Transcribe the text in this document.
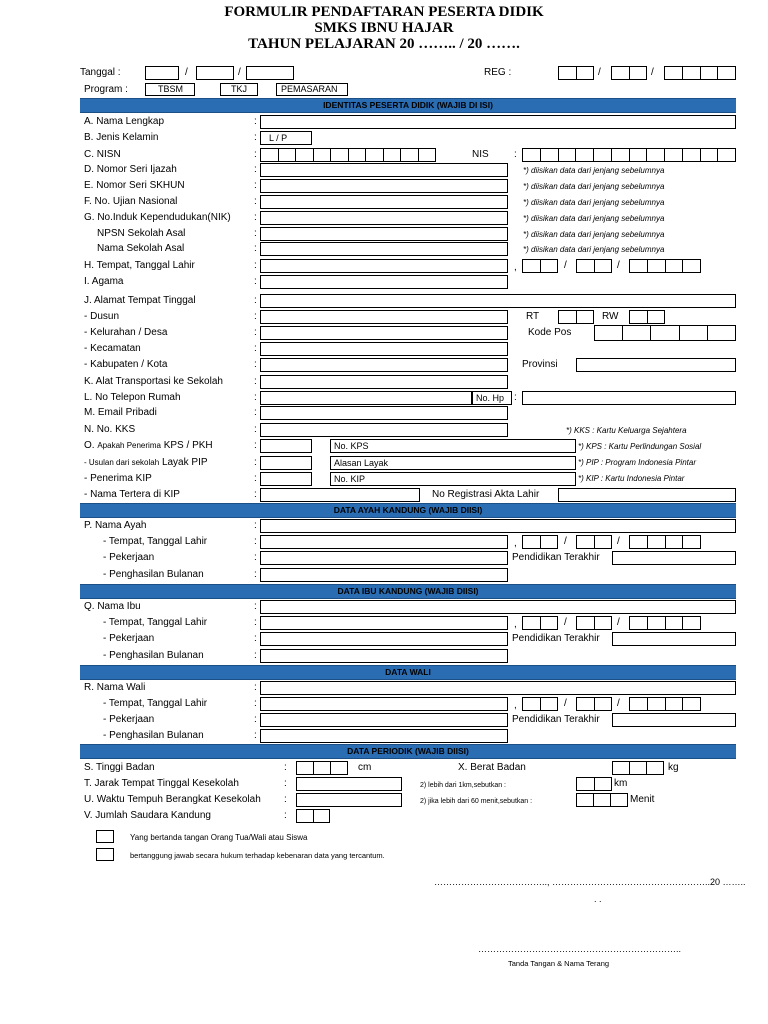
FORMULIR PENDAFTARAN PESERTA DIDIK
SMKS IBNU HAJAR
TAHUN PELAJARAN 20 …….. / 20 …….
Tanggal :	/	/	REG :	/	/
Program :	TBSM	TKJ	PEMASARAN
IDENTITAS PESERTA DIDIK (WAJIB DI ISI)
A. Nama Lengkap	:
B. Jenis Kelamin	:	L / P
C. NISN	:	NIS	:
D. Nomor Seri Ijazah	:	*) diisikan data dari jenjang sebelumnya
E. Nomor Seri SKHUN	:	*) diisikan data dari jenjang sebelumnya
F. No. Ujian Nasional	:	*) diisikan data dari jenjang sebelumnya
G. No.Induk Kependudukan(NIK) :	*) diisikan data dari jenjang sebelumnya
NPSN Sekolah Asal	:	*) diisikan data dari jenjang sebelumnya
Nama Sekolah Asal	:	*) diisikan data dari jenjang sebelumnya
H. Tempat, Tanggal Lahir	:	,	/	/
I. Agama	:
J. Alamat Tempat Tinggal	:
- Dusun	:	RT	RW
- Kelurahan / Desa	:	Kode Pos
- Kecamatan	:
- Kabupaten / Kota	:	Provinsi
K. Alat Transportasi ke Sekolah	:
L. No Telepon Rumah	:	No. Hp :
M. Email Pribadi	:
N. No. KKS	:	*) KKS : Kartu Keluarga Sejahtera
O. Apakah Penerima KPS / PKH	:	No. KPS	*) KPS : Kartu Perlindungan Sosial
- Usulan dari sekolah Layak PIP	:	Alasan Layak	*) PIP : Program Indonesia Pintar
- Penerima KIP	:	No. KIP	*) KIP : Kartu Indonesia Pintar
- Nama Tertera di KIP	:	No Registrasi Akta Lahir
DATA AYAH KANDUNG (WAJIB DIISI)
P. Nama Ayah	:
- Tempat, Tanggal Lahir	:	,	/	/
- Pekerjaan	:	Pendidikan Terakhir
- Penghasilan Bulanan	:
DATA IBU KANDUNG (WAJIB DIISI)
Q. Nama Ibu	:
- Tempat, Tanggal Lahir	:	,	/	/
- Pekerjaan	:	Pendidikan Terakhir
- Penghasilan Bulanan	:
DATA WALI
R. Nama Wali	:
- Tempat, Tanggal Lahir	:	,	/	/
- Pekerjaan	:	Pendidikan Terakhir
- Penghasilan Bulanan	:
DATA PERIODIK (WAJIB DIISI)
S. Tinggi Badan	:	cm	X. Berat Badan	kg
T. Jarak Tempat Tinggal Kesekolah	:	2) lebih dari 1km,sebutkan :	km
U. Waktu Tempuh Berangkat Kesekolah :	2) jika lebih dari 60 menit,sebutkan :	Menit
V. Jumlah Saudara Kandung	:
Yang bertanda tangan Orang Tua/Wali atau Siswa
bertanggung jawab secara hukum terhadap kebenaran data yang tercantum.
……………………………….., ……………………………………………..20 ……..
. .
…………………………………………………………..
Tanda Tangan & Nama Terang
